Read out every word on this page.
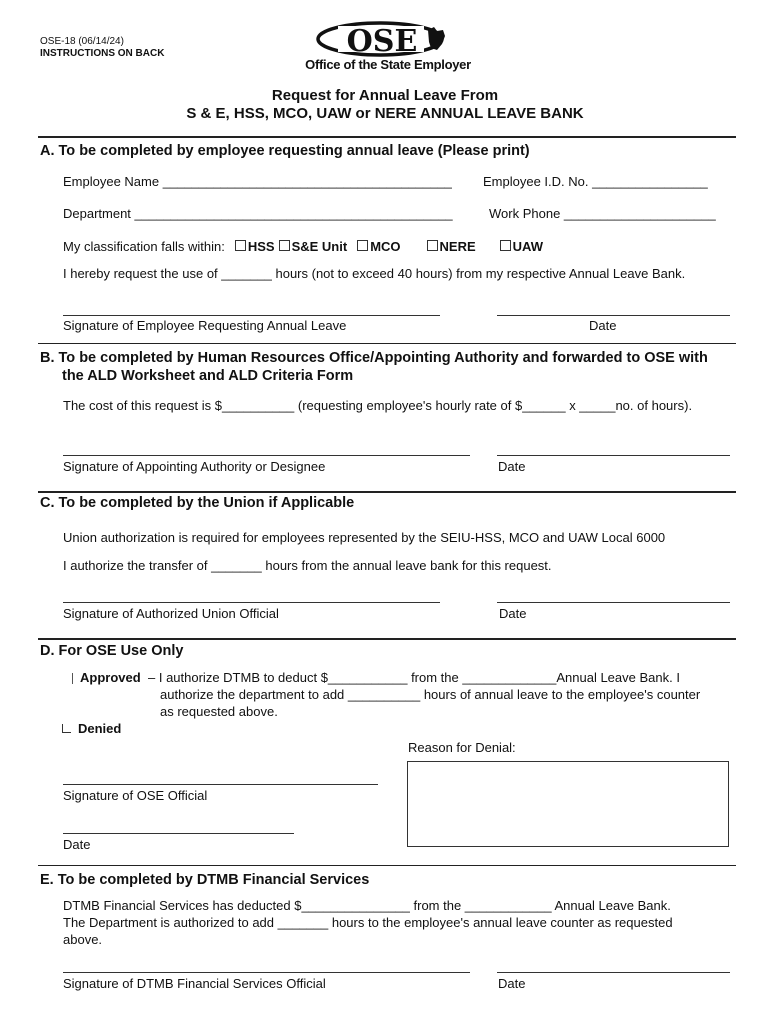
OSE-18 (06/14/24)
INSTRUCTIONS ON BACK	OSE
Office of the State Employer
Request for Annual Leave From
S & E, HSS, MCO, UAW or NERE ANNUAL LEAVE BANK
A. To be completed by employee requesting annual leave (Please print)
Employee Name ________________________________________ Employee I.D. No. ________________
Department ____________________________________________	Work Phone _____________________
My classification falls within: HSS S&E Unit MCO	NERE	UAW
I hereby request the use of _______ hours (not to exceed 40 hours) from my respective Annual Leave Bank.
Signature of Employee Requesting Annual Leave	Date
B. To be completed by Human Resources Office/Appointing Authority and forwarded to OSE with
the ALD Worksheet and ALD Criteria Form
The cost of this request is $__________ (requesting employee's hourly rate of $______ x _____no. of hours).
Signature of Appointing Authority or Designee	Date
C. To be completed by the Union if Applicable
Union authorization is required for employees represented by the SEIU-HSS, MCO and UAW Local 6000
I authorize the transfer of _______ hours from the annual leave bank for this request.
Signature of Authorized Union Official	Date
D. For OSE Use Only
Approved – I authorize DTMB to deduct $___________ from the _____________Annual Leave Bank. I
authorize the department to add __________ hours of annual leave to the employee's counter
as requested above.
Denied
Reason for Denial:
Signature of OSE Official
Date
E. To be completed by DTMB Financial Services
DTMB Financial Services has deducted $_______________ from the ____________ Annual Leave Bank.
The Department is authorized to add _______ hours to the employee's annual leave counter as requested
above.
Signature of DTMB Financial Services Official	Date
